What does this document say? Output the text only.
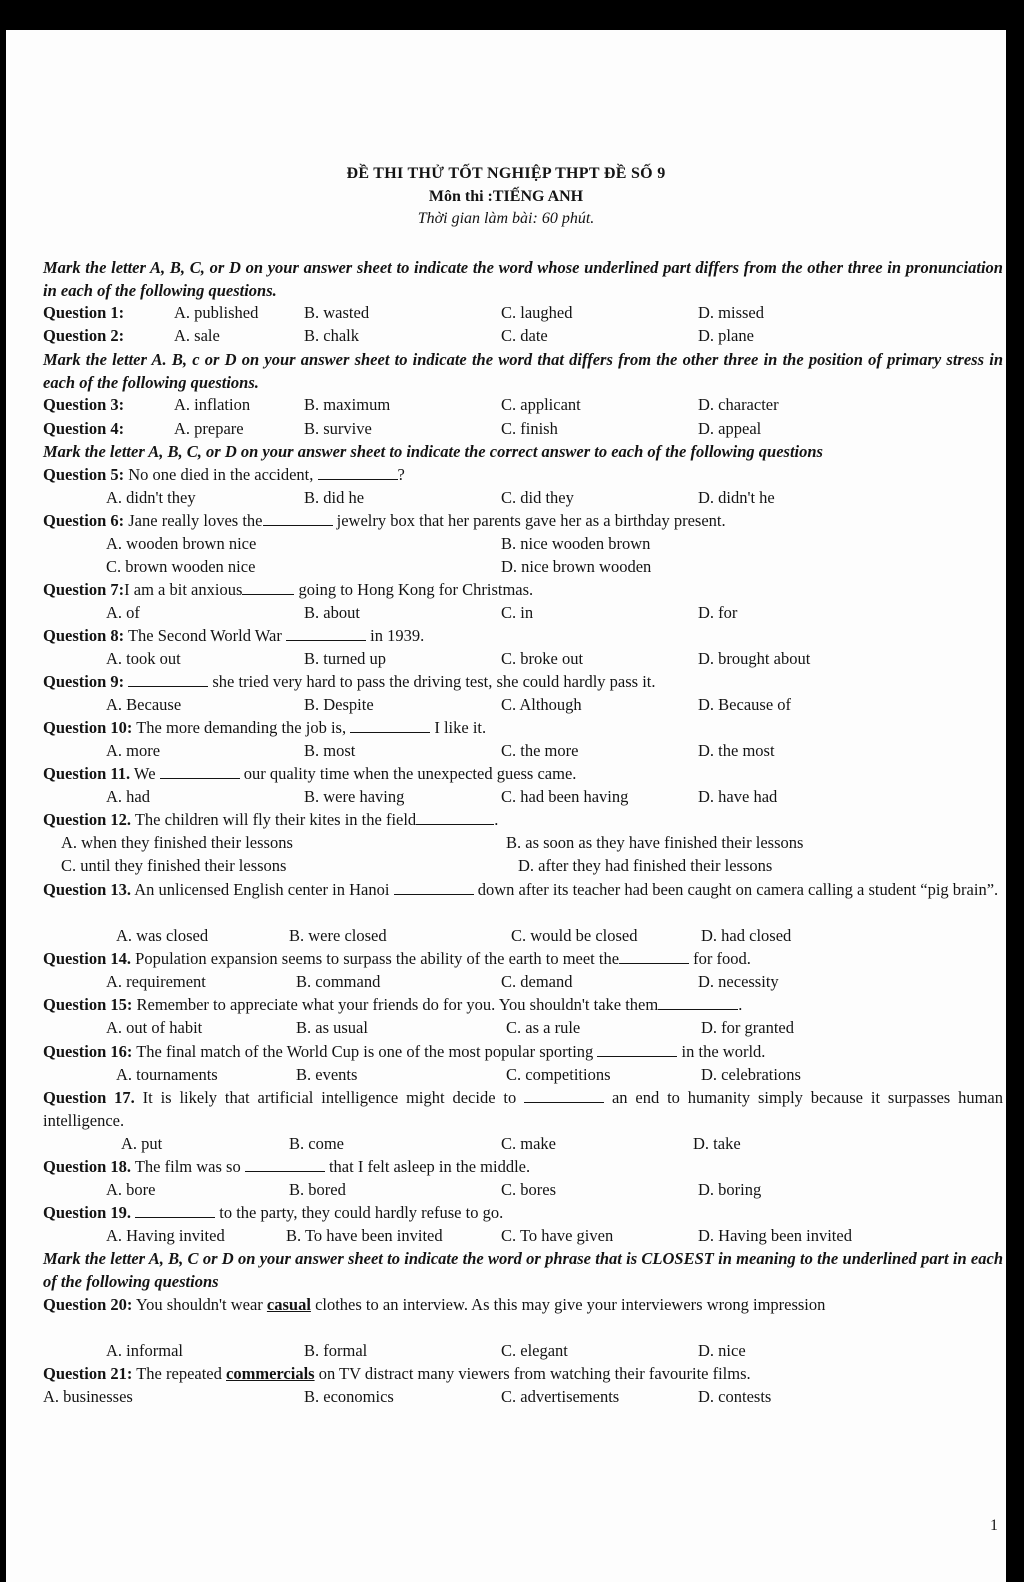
ĐỀ THI THỬ TỐT NGHIỆP THPT ĐỀ SỐ 9
Môn thi :TIẾNG ANH
Thời gian làm bài: 60 phút.
Mark the letter A, B, C, or D on your answer sheet to indicate the word whose underlined part differs from the other three in pronunciation in each of the following questions.
Question 1:	A. published	B. wasted	C. laughed	D. missed
Question 2:	A. sale	B. chalk	C. date	D. plane
Mark the letter A. B, c or D on your answer sheet to indicate the word that differs from the other three in the position of primary stress in each of the following questions.
Question 3:	A. inflation	B. maximum	C. applicant	D. character
Question 4:	A. prepare	B. survive	C. finish	D. appeal
Mark the letter A, B, C, or D on your answer sheet to indicate the correct answer to each of the following questions
Question 5: No one died in the accident,	?
A. didn't they	B. did he	C. did they	D. didn't he
Question 6: Jane really loves the	jewelry box that her parents gave her as a birthday present.
A. wooden brown nice	B. nice wooden brown
C. brown wooden nice	D. nice brown wooden
Question 7:I am a bit anxious	going to Hong Kong for Christmas.
A. of	B. about	C. in	D. for
Question 8: The Second World War	in 1939.
A. took out	B. turned up	C. broke out	D. brought about
Question 9:	she tried very hard to pass the driving test, she could hardly pass it.
A. Because	B. Despite	C. Although	D. Because of
Question 10: The more demanding the job is,	I like it.
A. more	B. most	C. the more	D. the most
Question 11. We	our quality time when the unexpected guess came.
A. had	B. were having	C. had been having	D. have had
Question 12. The children will fly their kites in the field	.
A. when they finished their lessons	B. as soon as they have finished their lessons
C. until they finished their lessons	D. after they had finished their lessons
Question 13. An unlicensed English center in Hanoi	down after its teacher had been caught on camera calling a student “pig brain”.
A. was closed	B. were closed	C. would be closed	D. had closed
Question 14. Population expansion seems to surpass the ability of the earth to meet the	for food.
A. requirement	B. command	C. demand	D. necessity
Question 15: Remember to appreciate what your friends do for you. You shouldn't take them	.
A. out of habit	B. as usual	C. as a rule	D. for granted
Question 16: The final match of the World Cup is one of the most popular sporting	in the world.
A. tournaments	B. events	C. competitions	D. celebrations
Question 17. It is likely that artificial intelligence might decide to	an end to humanity simply because it surpasses human intelligence.
A. put	B. come	C. make	D. take
Question 18. The film was so	that I felt asleep in the middle.
A. bore	B. bored	C. bores	D. boring
Question 19.	to the party, they could hardly refuse to go.
A. Having invited	B. To have been invited	C. To have given	D. Having been invited
Mark the letter A, B, C or D on your answer sheet to indicate the word or phrase that is CLOSEST in meaning to the underlined part in each of the following questions
Question 20: You shouldn't wear casual clothes to an interview. As this may give your interviewers wrong impression
A. informal	B. formal	C. elegant	D. nice
Question 21: The repeated commercials on TV distract many viewers from watching their favourite films.
A. businesses	B. economics	C. advertisements	D. contests
1
